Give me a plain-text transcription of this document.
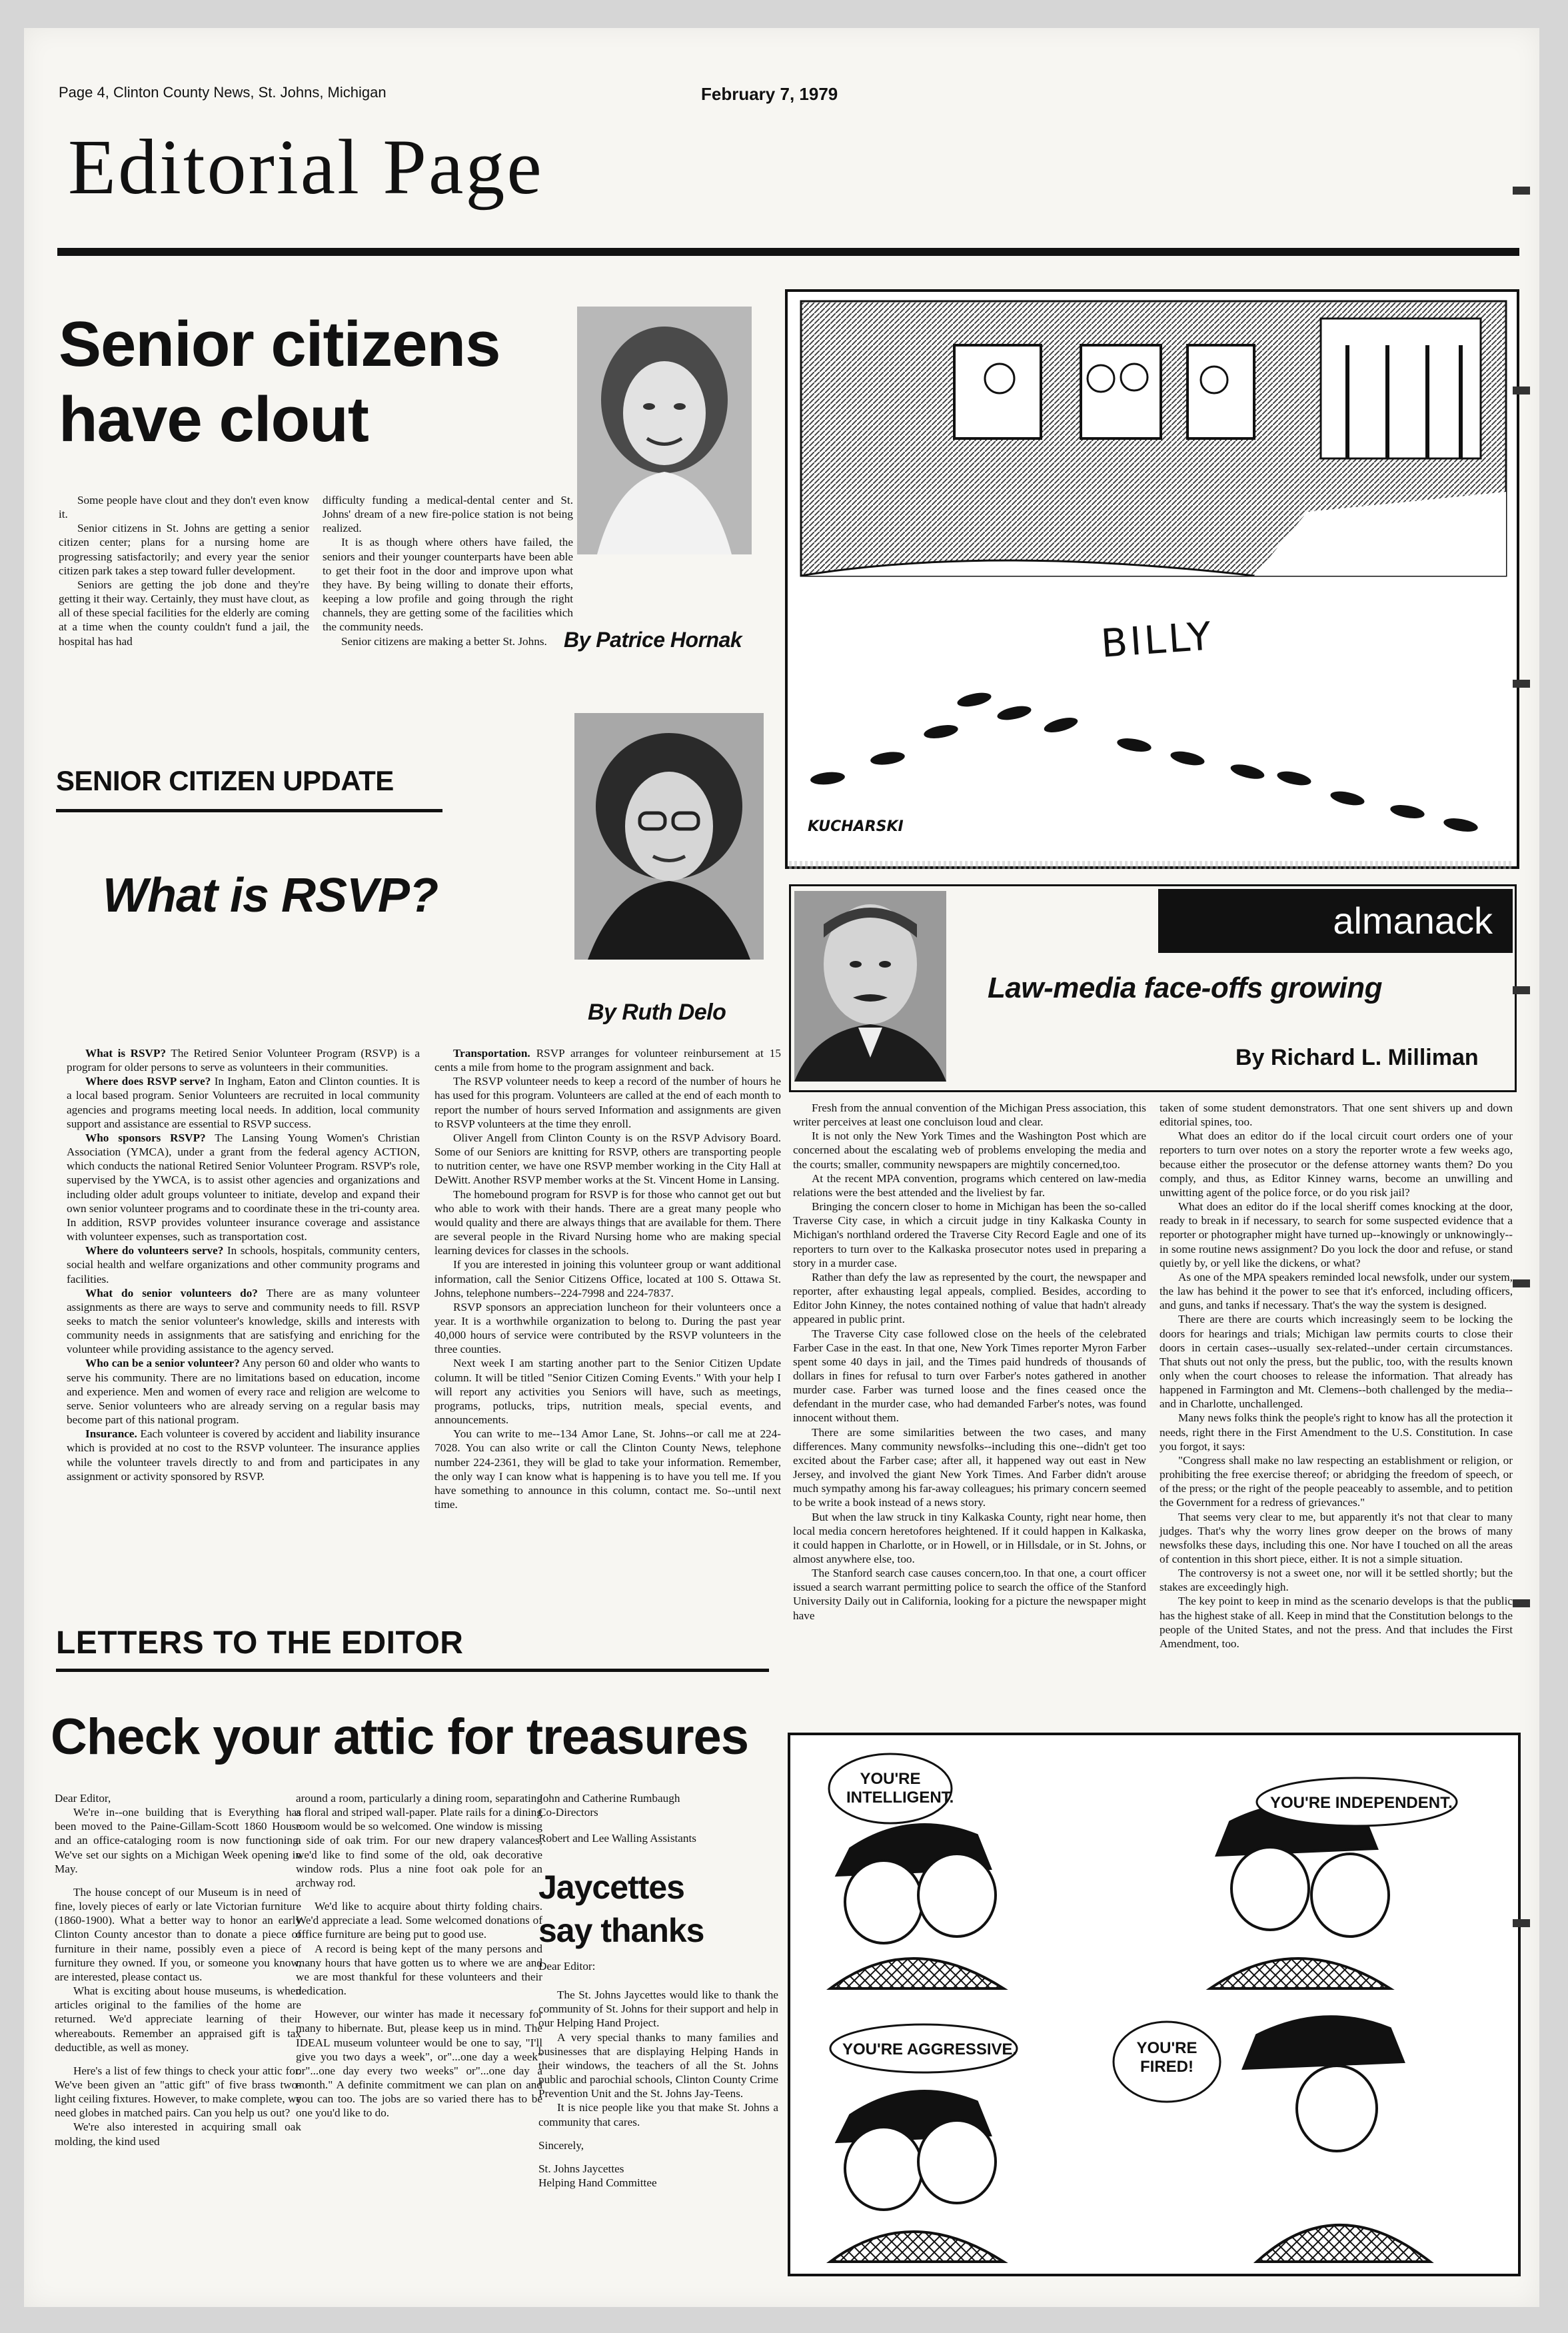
Page 4, Clinton County News, St. Johns, Michigan	February 7, 1979
Editorial Page
Senior citizens
have clout

Some people have clout and they don't even know it.

Senior citizens in St. Johns are getting a senior citizen center; plans for a nursing home are progressing satisfactorily; and every year the senior citizen park takes a step toward fuller development.

Seniors are getting the job done and they're getting it their way. Certainly, they must have clout, as all of these special facilities for the elderly are coming at a time when the county couldn't fund a jail, the hospital has had

difficulty funding a medical-dental center and St. Johns' dream of a new fire-police station is not being realized.

It is as though where others have failed, the seniors and their younger counterparts have been able to get their foot in the door and improve upon what they have. By being willing to donate their efforts, keeping a low profile and going through the right channels, they are getting some of the facilities which the community needs.

Senior citizens are making a better St. Johns. By Patrice Hornak
SENIOR CITIZEN UPDATE
What is RSVP?
By Ruth Delo

What is RSVP? The Retired Senior Volunteer Program (RSVP) is a program for older persons to serve as volunteers in their communities.

Where does RSVP serve? In Ingham, Eaton and Clinton counties. It is a local based program. Senior Volunteers are recruited in local community agencies and programs meeting local needs. In addition, local community support and assistance are essential to RSVP success.

Who sponsors RSVP? The Lansing Young Women's Christian Association (YMCA), under a grant from the federal agency ACTION, which conducts the national Retired Senior Volunteer Program. RSVP's role, supervised by the YWCA, is to assist other agencies and organizations and including older adult groups volunteer to initiate, develop and expand their own senior volunteer programs and to coordinate these in the tri-county area. In addition, RSVP provides volunteer insurance coverage and assistance with volunteer expenses, such as transportation cost.

Where do volunteers serve? In schools, hospitals, community centers, social health and welfare organizations and other community programs and facilities.

What do senior volunteers do? There are as many volunteer assignments as there are ways to serve and community needs to fill. RSVP seeks to match the senior volunteer's knowledge, skills and interests with community needs in assignments that are satisfying and enriching for the volunteer while providing assistance to the agency served.

Who can be a senior volunteer? Any person 60 and older who wants to serve his community. There are no limitations based on education, income and experience. Men and women of every race and religion are welcome to serve. Senior volunteers who are already serving on a regular basis may become part of this national program.

Insurance. Each volunteer is covered by accident and liability insurance which is provided at no cost to the RSVP volunteer. The insurance applies while the volunteer travels directly to and from and participates in any assignment or activity sponsored by RSVP.

Transportation. RSVP arranges for volunteer reinbursement at 15 cents a mile from home to the program assignment and back.

The RSVP volunteer needs to keep a record of the number of hours he has used for this program. Volunteers are called at the end of each month to report the number of hours served Information and assignments are given to RSVP volunteers at the time they enroll.

Oliver Angell from Clinton County is on the RSVP Advisory Board. Some of our Seniors are knitting for RSVP, others are transporting people to nutrition center, we have one RSVP member working in the City Hall at DeWitt. Another RSVP member works at the St. Vincent Home in Lansing.

The homebound program for RSVP is for those who cannot get out but who able to work with their hands. There are a great many people who would quality and there are always things that are available for them. There are several people in the Rivard Nursing home who are making special learning devices for classes in the schools.

If you are interested in joining this volunteer group or want additional information, call the Senior Citizens Office, located at 100 S. Ottawa St. Johns, telephone numbers--224-7998 and 224-7837.

RSVP sponsors an appreciation luncheon for their volunteers once a year. It is a worthwhile organization to belong to. During the past year 40,000 hours of service were contributed by the RSVP volunteers in the three counties.

Next week I am starting another part to the Senior Citizen Update column. It will be titled "Senior Citizen Coming Events." With your help I will report any activities you Seniors will have, such as meetings, programs, potlucks, trips, nutrition meals, special events, and announcements.

You can write to me--134 Amor Lane, St. Johns--or call me at 224-7028. You can also write or call the Clinton County News, telephone number 224-2361, they will be glad to take your information. Remember, the only way I can know what is happening is to have you tell me. If you have something to announce in this column, contact me. So--until next time.

BILLY
KUCHARSKI
almanack
Law-media face-offs growing
By Richard L. Milliman

Fresh from the annual convention of the Michigan Press association, this writer perceives at least one concluison loud and clear.

It is not only the New York Times and the Washington Post which are concerned about the escalating web of problems enveloping the media and the courts; smaller, community newspapers are mightily concerned,too.

At the recent MPA convention, programs which centered on law-media relations were the best attended and the liveliest by far.

Bringing the concern closer to home in Michigan has been the so-called Traverse City case, in which a circuit judge in tiny Kalkaska County in Michigan's northland ordered the Traverse City Record Eagle and one of its reporters to turn over to the Kalkaska prosecutor notes used in preparing a story in a murder case.

Rather than defy the law as represented by the court, the newspaper and reporter, after exhausting legal appeals, complied. Besides, according to Editor John Kinney, the notes contained nothing of value that hadn't already appeared in public print.

The Traverse City case followed close on the heels of the celebrated Farber Case in the east. In that one, New York Times reporter Myron Farber spent some 40 days in jail, and the Times paid hundreds of thousands of dollars in fines for refusal to turn over Farber's notes gathered in another murder case. Farber was turned loose and the fines ceased once the defendant in the murder case, who had demanded Farber's notes, was found innocent without them.

There are some similarities between the two cases, and many differences. Many community newsfolks--including this one--didn't get too excited about the Farber case; after all, it happened way out east in New Jersey, and involved the giant New York Times. And Farber didn't arouse much sympathy among his far-away colleagues; his primary concern seemed to be write a book instead of a news story.

But when the law struck in tiny Kalkaska County, right near home, then local media concern heretofores heightened. If it could happen in Kalkaska, it could happen in Charlotte, or in Howell, or in Hillsdale, or in St. Johns, or almost anywhere else, too.

The Stanford search case causes concern,too. In that one, a court officer issued a search warrant permitting police to search the office of the Stanford University Daily out in California, looking for a picture the newspaper might have

taken of some student demonstrators. That one sent shivers up and down editorial spines, too.

What does an editor do if the local circuit court orders one of your reporters to turn over notes on a story the reporter wrote a few weeks ago, because either the prosecutor or the defense attorney wants them? Do you comply, and thus, as Editor Kinney warns, become an unwilling and unwitting agent of the police force, or do you risk jail?

What does an editor do if the local sheriff comes knocking at the door, ready to break in if necessary, to search for some suspected evidence that a reporter or photographer might have turned up--knowingly or unknowingly--in some routine news assignment? Do you lock the door and refuse, or stand quietly by, or yell like the dickens, or what?

As one of the MPA speakers reminded local newsfolk, under our system, the law has behind it the power to see that it's enforced, including officers, and guns, and tanks if necessary. That's the way the system is designed.

There are there are courts which increasingly seem to be locking the doors for hearings and trials; Michigan law permits courts to close their doors in certain cases--usually sex-related--under certain circumstances. That shuts out not only the press, but the public, too, with the results known only when the court chooses to release the information. That already has happened in Farmington and Mt. Clemens--both challenged by the media--and in Charlotte, unchallenged.

Many news folks think the people's right to know has all the protection it needs, right there in the First Amendment to the U.S. Constitution. In case you forgot, it says:

"Congress shall make no law respecting an establishment or religion, or prohibiting the free exercise thereof; or abridging the freedom of speech, or of the press; or the right of the people peaceably to assemble, and to petition the Government for a redress of grievances."

That seems very clear to me, but apparently it's not that clear to many judges. That's why the worry lines grow deeper on the brows of many newsfolks these days, including this one. Nor have I touched on all the areas of contention in this short piece, either. It is not a simple situation.

The controversy is not a sweet one, nor will it be settled shortly; but the stakes are exceedingly high.

The key point to keep in mind as the scenario develops is that the public has the highest stake of all. Keep in mind that the Constitution belongs to the people of the United States, and not the press. And that includes the First Amendment, too.

LETTERS TO THE EDITOR
Check your attic for treasures

Dear Editor,

We're in--one building that is Everything has been moved to the Paine-Gillam-Scott 1860 House and an office-cataloging room is now functioning. We've set our sights on a Michigan Week opening in May.

The house concept of our Museum is in need of fine, lovely pieces of early or late Victorian furniture (1860-1900). What a better way to honor an early Clinton County ancestor than to donate a piece of furniture in their name, possibly even a piece of furniture they owned. If you, or someone you know, are interested, please contact us.

What is exciting about house museums, is when articles original to the families of the home are returned. We'd appreciate learning of their whereabouts. Remember an appraised gift is tax deductible, as well as money.

Here's a list of few things to check your attic for. We've been given an "attic gift" of five brass two-light ceiling fixtures. However, to make complete, we need globes in matched pairs. Can you help us out?

We're also interested in acquiring small oak molding, the kind used

around a room, particularly a dining room, separating a floral and striped wall-paper. Plate rails for a dining room would be so welcomed. One window is missing a side of oak trim. For our new drapery valances, we'd like to find some of the old, oak decorative window rods. Plus a nine foot oak pole for an archway rod.

We'd like to acquire about thirty folding chairs. We'd appreciate a lead. Some welcomed donations of office furniture are being put to good use.

A record is being kept of the many persons and many hours that have gotten us to where we are and we are most thankful for these volunteers and their dedication.

However, our winter has made it necessary for many to hibernate. But, please keep us in mind. The IDEAL museum volunteer would be one to say, "I'll give you two days a week", or"...one day a week" or"...one day every two weeks" or"...one day a month." A definite commitment we can plan on and you can too. The jobs are so varied there has to be one you'd like to do.

John and Catherine Rumbaugh
Co-Directors
Robert and Lee Walling Assistants
Jaycettes
say thanks

Dear Editor:

The St. Johns Jaycettes would like to thank the community of St. Johns for their support and help in our Helping Hand Project.

A very special thanks to many families and businesses that are displaying Helping Hands in their windows, the teachers of all the St. Johns public and parochial schools, Clinton County Crime Prevention Unit and the St. Johns Jay-Teens.

It is nice people like you that make St. Johns a community that cares.

Sincerely,

St. Johns Jaycettes
Helping Hand Committee
YOU'RE INTELLIGENT.	YOU'RE INDEPENDENT.
YOU'RE AGGRESSIVE.	YOU'RE FIRED!
